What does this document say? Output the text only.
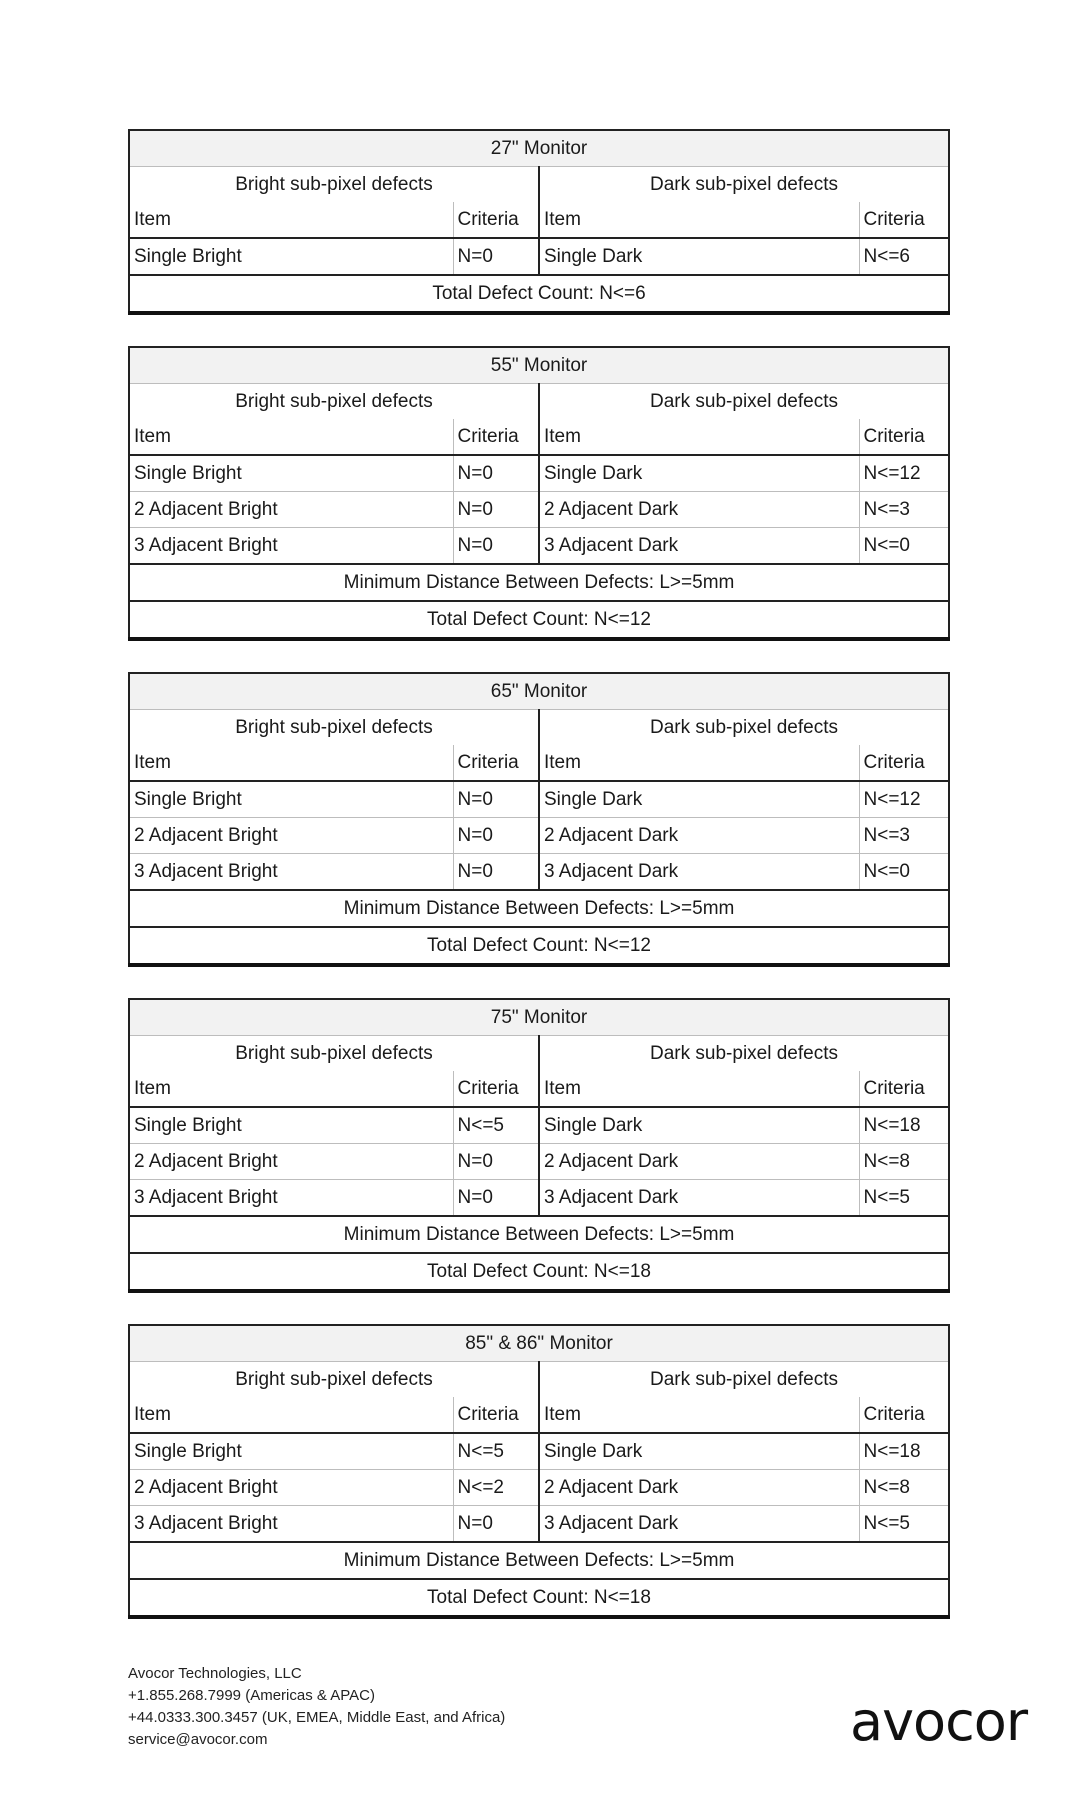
27" Monitor			
Bright sub-pixel defects		Dark sub-pixel defects	
Item	Criteria	Item	Criteria
Single Bright	N=0	Single Dark	N<=6
Total Defect Count: N<=6			
55" Monitor			
Bright sub-pixel defects		Dark sub-pixel defects	
Item	Criteria	Item	Criteria
Single Bright	N=0	Single Dark	N<=12
2 Adjacent Bright	N=0	2 Adjacent Dark	N<=3
3 Adjacent Bright	N=0	3 Adjacent Dark	N<=0
Minimum Distance Between Defects: L>=5mm			
Total Defect Count: N<=12			
65" Monitor			
Bright sub-pixel defects		Dark sub-pixel defects	
Item	Criteria	Item	Criteria
Single Bright	N=0	Single Dark	N<=12
2 Adjacent Bright	N=0	2 Adjacent Dark	N<=3
3 Adjacent Bright	N=0	3 Adjacent Dark	N<=0
Minimum Distance Between Defects: L>=5mm			
Total Defect Count: N<=12			
75" Monitor			
Bright sub-pixel defects		Dark sub-pixel defects	
Item	Criteria	Item	Criteria
Single Bright	N<=5	Single Dark	N<=18
2 Adjacent Bright	N=0	2 Adjacent Dark	N<=8
3 Adjacent Bright	N=0	3 Adjacent Dark	N<=5
Minimum Distance Between Defects: L>=5mm			
Total Defect Count: N<=18			
85" & 86" Monitor			
Bright sub-pixel defects		Dark sub-pixel defects	
Item	Criteria	Item	Criteria
Single Bright	N<=5	Single Dark	N<=18
2 Adjacent Bright	N<=2	2 Adjacent Dark	N<=8
3 Adjacent Bright	N=0	3 Adjacent Dark	N<=5
Minimum Distance Between Defects: L>=5mm			
Total Defect Count: N<=18			
Avocor Technologies, LLC
+1.855.268.7999 (Americas & APAC)
+44.0333.300.3457 (UK, EMEA, Middle East, and Africa)
service@avocor.com	avocor
